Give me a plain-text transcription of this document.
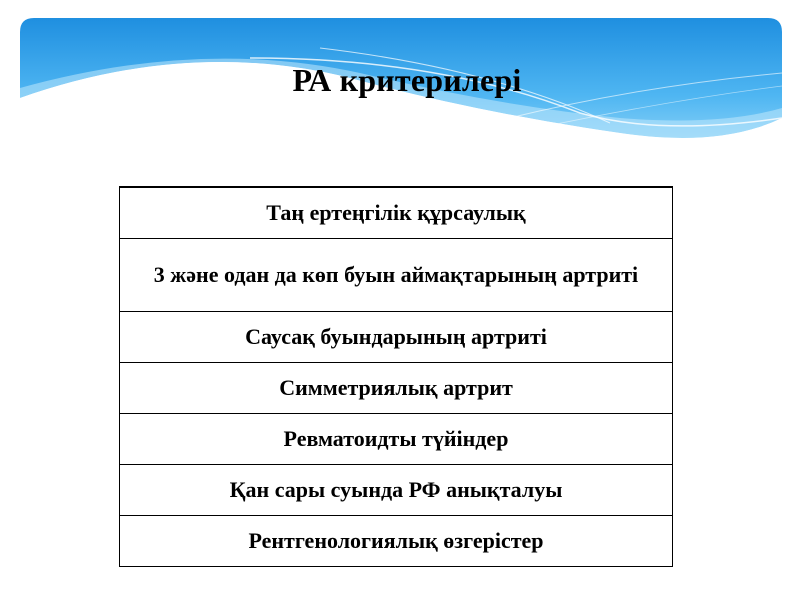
РА критерилері
Таң ертеңгілік құрсаулық
3 және одан да көп буын аймақтарының артриті
Саусақ буындарының артриті
Симметриялық артрит
Ревматоидты түйіндер
Қан сары суында РФ анықталуы
Рентгенологиялық өзгерістер
